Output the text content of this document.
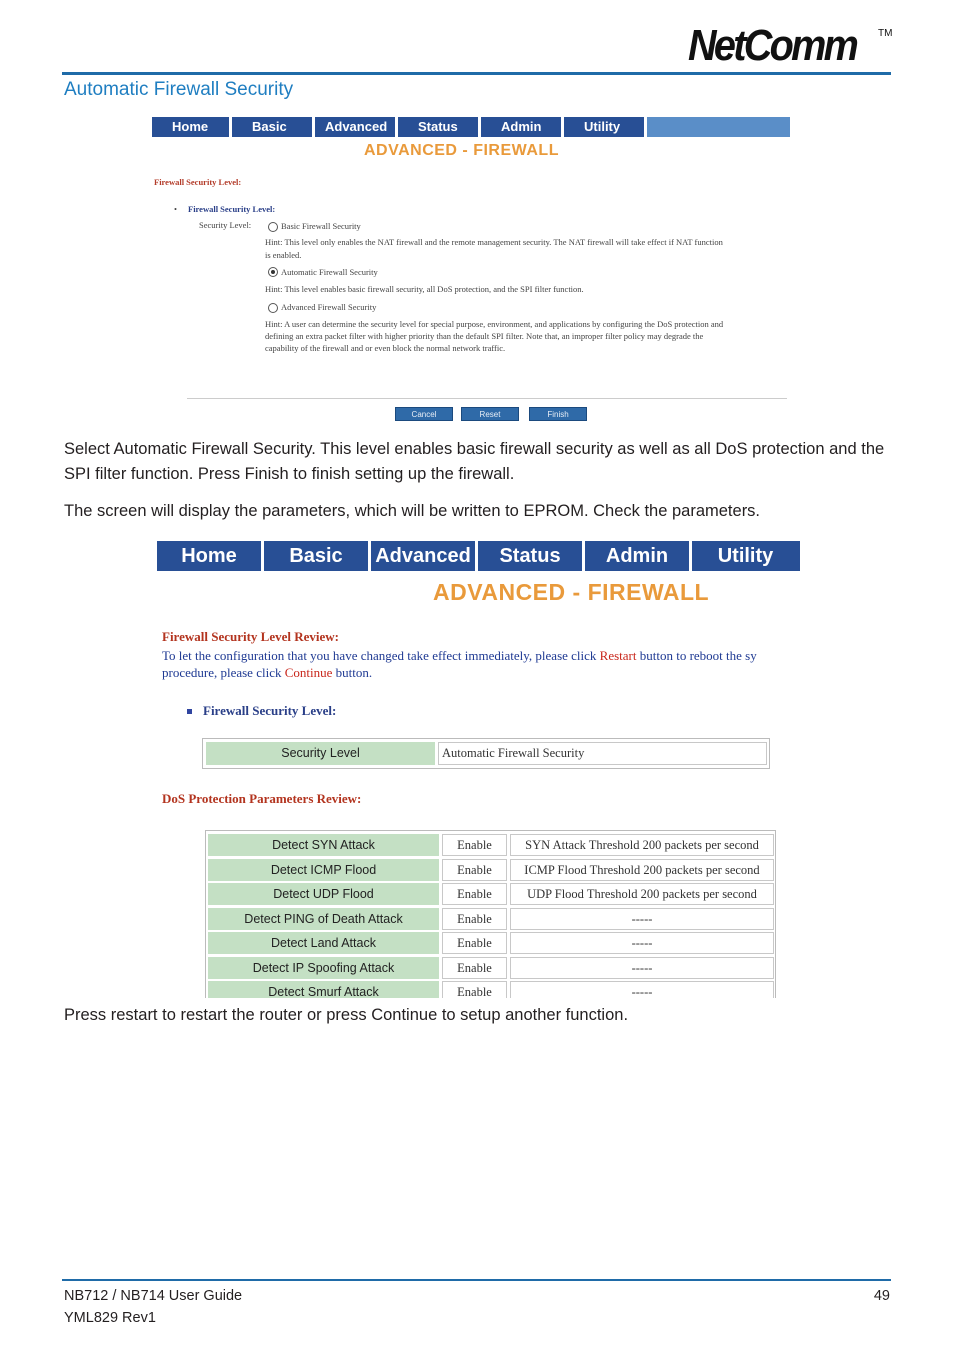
NetComm	TM
Automatic Firewall Security
Home	Basic	Advanced	Status	Admin	Utility
ADVANCED - FIREWALL
Firewall Security Level:
• Firewall Security Level:
Security Level:	Basic Firewall Security
Hint: This level only enables the NAT firewall and the remote management security. The NAT firewall will take effect if NAT function
is enabled.
Automatic Firewall Security
Hint: This level enables basic firewall security, all DoS protection, and the SPI filter function.
Advanced Firewall Security
Hint: A user can determine the security level for special purpose, environment, and applications by configuring the DoS protection and
defining an extra packet filter with higher priority than the default SPI filter. Note that, an improper filter policy may degrade the
capability of the firewall and or even block the normal network traffic.
Cancel	Reset	Finish
Select Automatic Firewall Security. This level enables basic firewall security as well as all DoS protection and the SPI filter function. Press Finish to finish setting up the firewall.
The screen will display the parameters, which will be written to EPROM. Check the parameters.
Home	Basic	Advanced	Status	Admin	Utility
ADVANCED - FIREWALL
Firewall Security Level Review:
To let the configuration that you have changed take effect immediately, please click Restart button to reboot the sy
procedure, please click Continue button.
Firewall Security Level:
Security Level	Automatic Firewall Security
DoS Protection Parameters Review:
Detect SYN Attack	Enable	SYN Attack Threshold 200 packets per second
Detect ICMP Flood	Enable	ICMP Flood Threshold 200 packets per second
Detect UDP Flood	Enable	UDP Flood Threshold 200 packets per second
Detect PING of Death Attack	Enable	-----
Detect Land Attack	Enable	-----
Detect IP Spoofing Attack	Enable	-----
Detect Smurf Attack	Enable	-----
Press restart to restart the router or press Continue to setup another function.
NB712 / NB714 User Guide
YML829 Rev1
49
